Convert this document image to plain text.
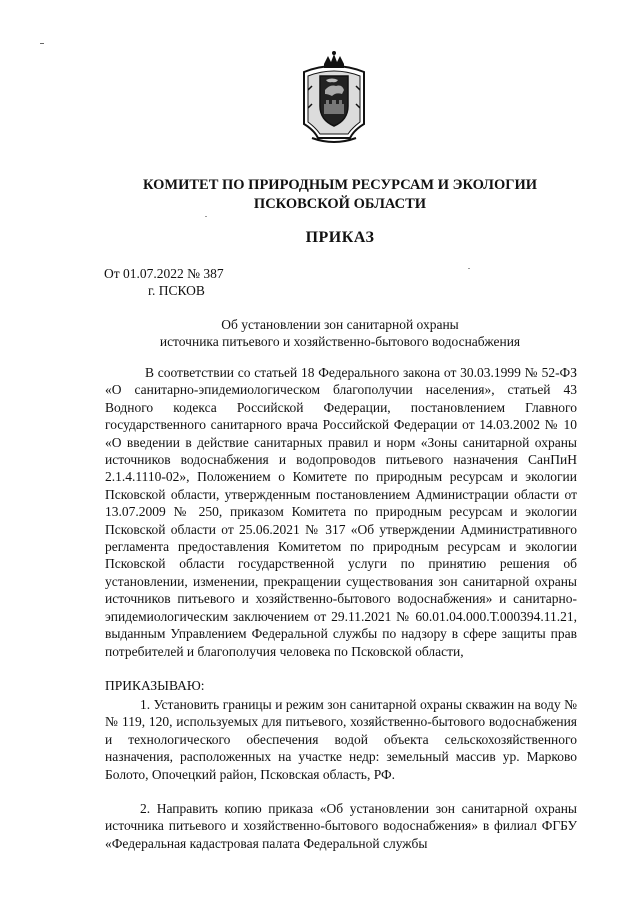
КОМИТЕТ ПО ПРИРОДНЫМ РЕСУРСАМ И ЭКОЛОГИИ
ПСКОВСКОЙ ОБЛАСТИ
ПРИКАЗ
От 01.07.2022 № 387
г. ПСКОВ
Об установлении зон санитарной охраны
источника питьевого и хозяйственно-бытового водоснабжения

В соответствии со статьей 18 Федерального закона от 30.03.1999 № 52-ФЗ «О санитарно-эпидемиологическом благополучии населения», статьей 43 Водного кодекса Российской Федерации, постановлением Главного государственного санитарного врача Российской Федерации от 14.03.2002 № 10 «О введении в действие санитарных правил и норм «Зоны санитарной охраны источников водоснабжения и водопроводов питьевого назначения СанПиН 2.1.4.1110-02», Положением о Комитете по природным ресурсам и экологии Псковской области, утвержденным постановлением Администрации области от 13.07.2009 № 250, приказом Комитета по природным ресурсам и экологии Псковской области от 25.06.2021 № 317 «Об утверждении Административного регламента предоставления Комитетом по природным ресурсам и экологии Псковской области государственной услуги по принятию решения об установлении, изменении, прекращении существования зон санитарной охраны источников питьевого и хозяйственно-бытового водоснабжения» и санитарно-эпидемиологическим заключением от 29.11.2021 № 60.01.04.000.Т.000394.11.21, выданным Управлением Федеральной службы по надзору в сфере защиты прав потребителей и благополучия человека по Псковской области,

ПРИКАЗЫВАЮ:

1. Установить границы и режим зон санитарной охраны скважин на воду №№ 119, 120, используемых для питьевого, хозяйственно-бытового водоснабжения и технологического обеспечения водой объекта сельскохозяйственного назначения, расположенных на участке недр: земельный массив ур. Марково Болото, Опочецкий район, Псковская область, РФ.

2. Направить копию приказа «Об установлении зон санитарной охраны источника питьевого и хозяйственно-бытового водоснабжения» в филиал ФГБУ «Федеральная кадастровая палата Федеральной службы
